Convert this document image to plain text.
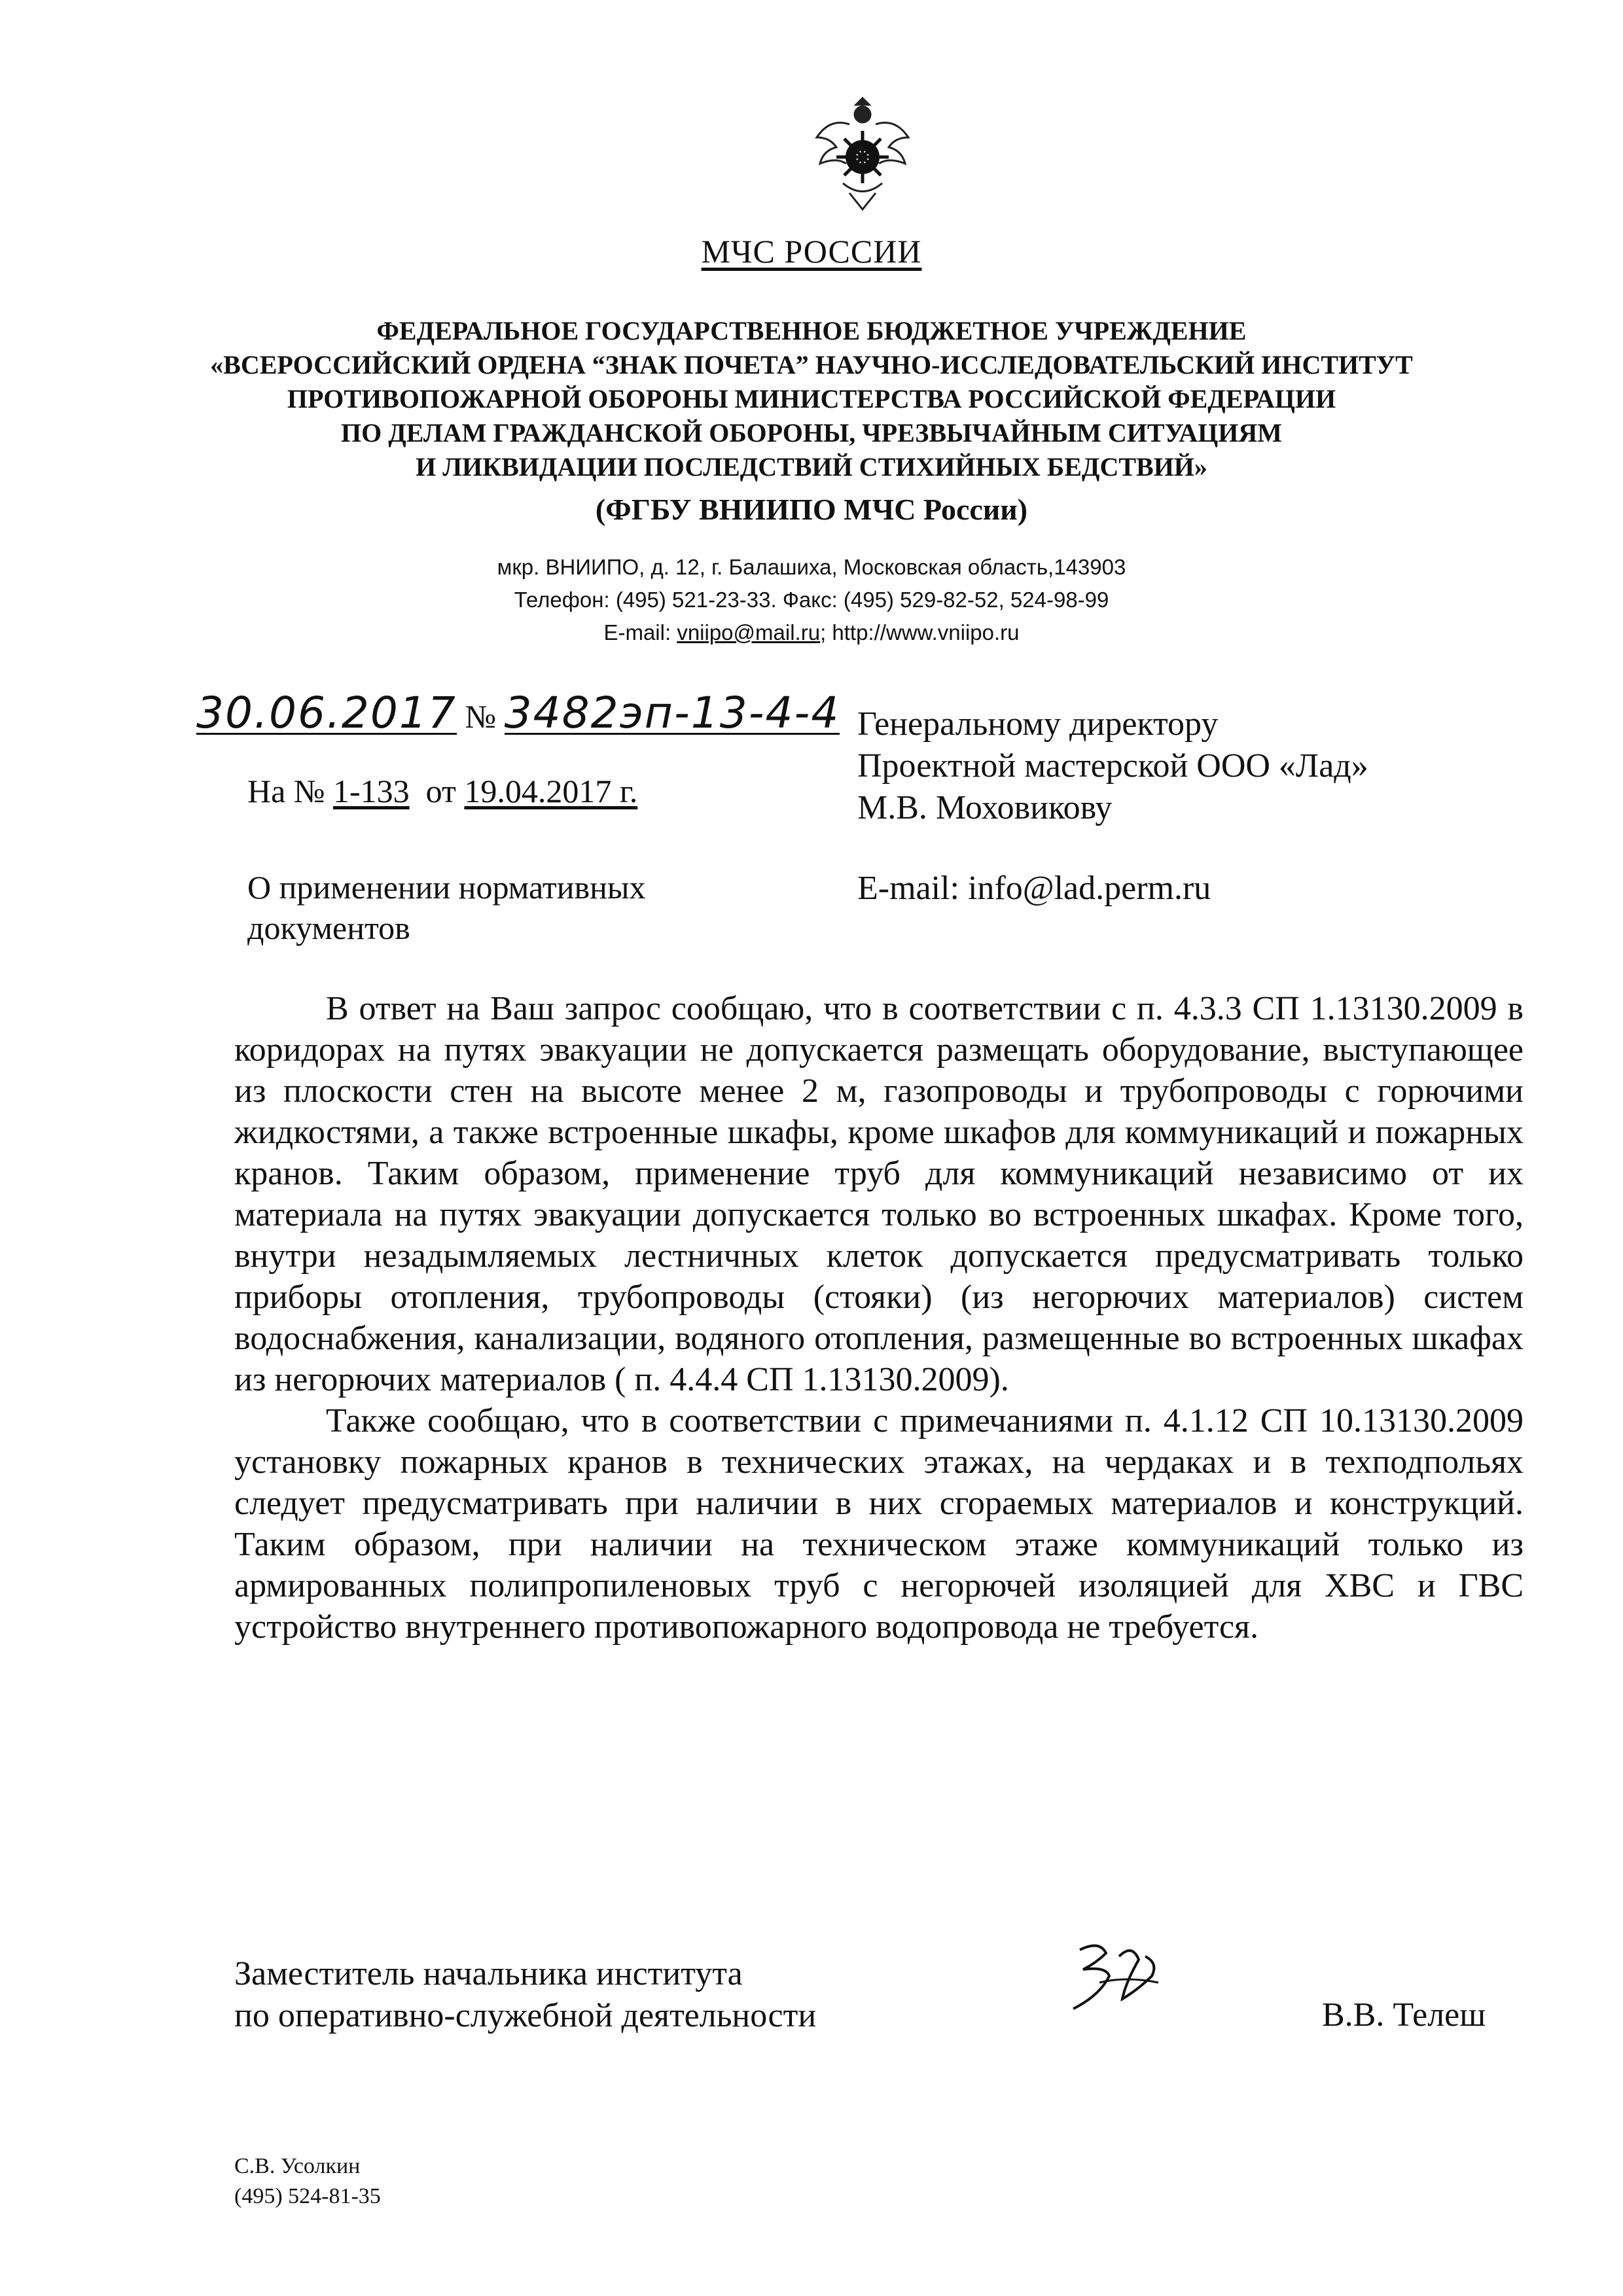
МЧС РОССИИ
ФЕДЕРАЛЬНОЕ ГОСУДАРСТВЕННОЕ БЮДЖЕТНОЕ УЧРЕЖДЕНИЕ
«ВСЕРОССИЙСКИЙ ОРДЕНА “ЗНАК ПОЧЕТА” НАУЧНО-ИССЛЕДОВАТЕЛЬСКИЙ ИНСТИТУТ
ПРОТИВОПОЖАРНОЙ ОБОРОНЫ МИНИСТЕРСТВА РОССИЙСКОЙ ФЕДЕРАЦИИ
ПО ДЕЛАМ ГРАЖДАНСКОЙ ОБОРОНЫ, ЧРЕЗВЫЧАЙНЫМ СИТУАЦИЯМ
И ЛИКВИДАЦИИ ПОСЛЕДСТВИЙ СТИХИЙНЫХ БЕДСТВИЙ»
(ФГБУ ВНИИПО МЧС России)
мкр. ВНИИПО, д. 12, г. Балашиха, Московская область,143903
Телефон: (495) 521-23-33. Факс: (495) 529-82-52, 524-98-99
E-mail: vniipo@mail.ru; http://www.vniipo.ru
30.06.2017 № 3482эп-13-4-4
На № 1-133 от 19.04.2017 г.
О применении нормативных документов
Генеральному директору
Проектной мастерской ООО «Лад»
М.В. Моховикову
E-mail: info@lad.perm.ru

В ответ на Ваш запрос сообщаю, что в соответствии с п. 4.3.3 СП 1.13130.2009 в коридорах на путях эвакуации не допускается размещать оборудование, выступающее из плоскости стен на высоте менее 2 м, газопроводы и трубопроводы с горючими жидкостями, а также встроенные шкафы, кроме шкафов для коммуникаций и пожарных кранов. Таким образом, применение труб для коммуникаций независимо от их материала на путях эвакуации допускается только во встроенных шкафах. Кроме того, внутри незадымляемых лестничных клеток допускается предусматривать только приборы отопления, трубопроводы (стояки) (из негорючих материалов) систем водоснабжения, канализации, водяного отопления, размещенные во встроенных шкафах из негорючих материалов ( п. 4.4.4 СП 1.13130.2009).

Также сообщаю, что в соответствии с примечаниями п. 4.1.12 СП 10.13130.2009 установку пожарных кранов в технических этажах, на чердаках и в техподпольях следует предусматривать при наличии в них сгораемых материалов и конструкций. Таким образом, при наличии на техническом этаже коммуникаций только из армированных полипропиленовых труб с негорючей изоляцией для ХВС и ГВС устройство внутреннего противопожарного водопровода не требуется.

Заместитель начальника института
по оперативно-служебной деятельности	В.В. Телеш
С.В. Усолкин
(495) 524-81-35
